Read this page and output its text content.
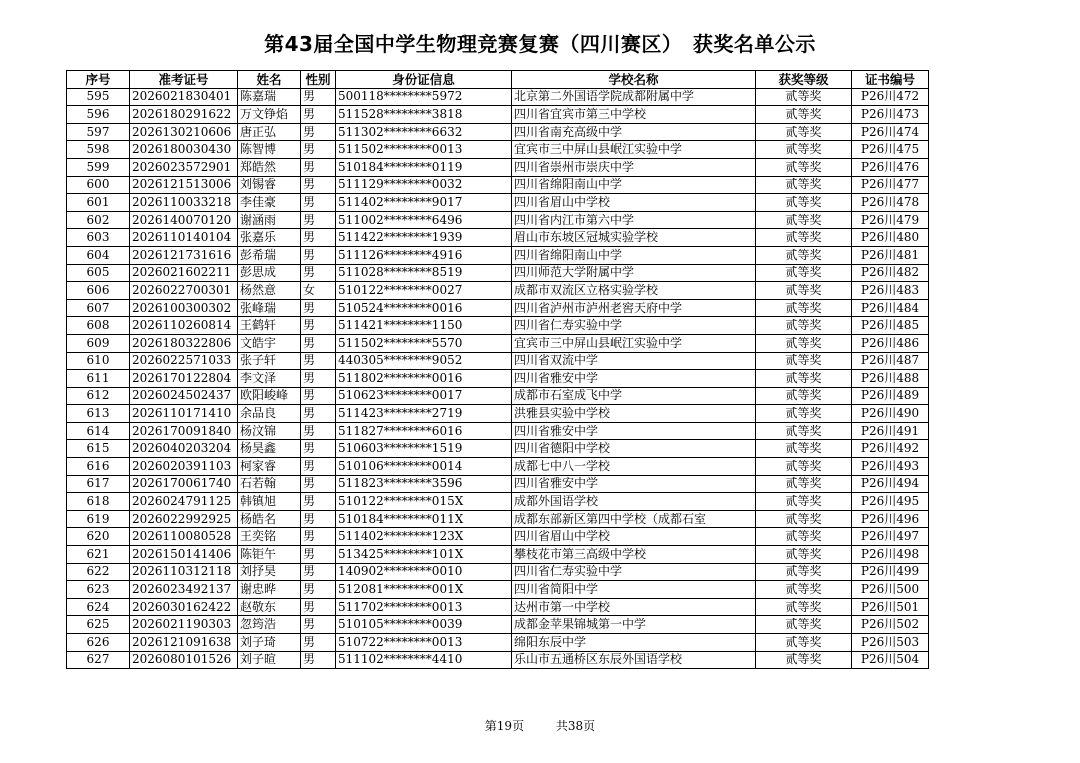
第43届全国中学生物理竞赛复赛（四川赛区）　获奖名单公示
序号	准考证号	姓名	性别	身份证信息	学校名称	获奖等级	证书编号
595	2026021830401	陈嘉瑞	男	500118********5972	北京第二外国语学院成都附属中学	贰等奖	P26川472
596	2026180291622	万文铮焰	男	511528********3818	四川省宜宾市第三中学校	贰等奖	P26川473
597	2026130210606	唐正弘	男	511302********6632	四川省南充高级中学	贰等奖	P26川474
598	2026180030430	陈智博	男	511502********0013	宜宾市三中屏山县岷江实验中学	贰等奖	P26川475
599	2026023572901	郑皓然	男	510184********0119	四川省崇州市崇庆中学	贰等奖	P26川476
600	2026121513006	刘锡睿	男	511129********0032	四川省绵阳南山中学	贰等奖	P26川477
601	2026110033218	李佳豪	男	511402********9017	四川省眉山中学校	贰等奖	P26川478
602	2026140070120	谢涵雨	男	511002********6496	四川省内江市第六中学	贰等奖	P26川479
603	2026110140104	张嘉乐	男	511422********1939	眉山市东坡区冠城实验学校	贰等奖	P26川480
604	2026121731616	彭希瑞	男	511126********4916	四川省绵阳南山中学	贰等奖	P26川481
605	2026021602211	彭思成	男	511028********8519	四川师范大学附属中学	贰等奖	P26川482
606	2026022700301	杨然意	女	510122********0027	成都市双流区立格实验学校	贰等奖	P26川483
607	2026100300302	张峰瑞	男	510524********0016	四川省泸州市泸州老窖天府中学	贰等奖	P26川484
608	2026110260814	王鹤轩	男	511421********1150	四川省仁寿实验中学	贰等奖	P26川485
609	2026180322806	文皓宇	男	511502********5570	宜宾市三中屏山县岷江实验中学	贰等奖	P26川486
610	2026022571033	张子轩	男	440305********9052	四川省双流中学	贰等奖	P26川487
611	2026170122804	李文泽	男	511802********0016	四川省雅安中学	贰等奖	P26川488
612	2026024502437	欧阳峻峰	男	510623********0017	成都市石室成飞中学	贰等奖	P26川489
613	2026110171410	余品良	男	511423********2719	洪雅县实验中学校	贰等奖	P26川490
614	2026170091840	杨汶锦	男	511827********6016	四川省雅安中学	贰等奖	P26川491
615	2026040203204	杨昊鑫	男	510603********1519	四川省德阳中学校	贰等奖	P26川492
616	2026020391103	柯家睿	男	510106********0014	成都七中八一学校	贰等奖	P26川493
617	2026170061740	石若翰	男	511823********3596	四川省雅安中学	贰等奖	P26川494
618	2026024791125	韩镇旭	男	510122********015X	成都外国语学校	贰等奖	P26川495
619	2026022992925	杨皓名	男	510184********011X	成都东部新区第四中学校（成都石室	贰等奖	P26川496
620	2026110080528	王奕铭	男	511402********123X	四川省眉山中学校	贰等奖	P26川497
621	2026150141406	陈钜午	男	513425********101X	攀枝花市第三高级中学校	贰等奖	P26川498
622	2026110312118	刘抒昊	男	140902********0010	四川省仁寿实验中学	贰等奖	P26川499
623	2026023492137	谢忠晔	男	512081********001X	四川省简阳中学	贰等奖	P26川500
624	2026030162422	赵敬东	男	511702********0013	达州市第一中学校	贰等奖	P26川501
625	2026021190303	忽筠浩	男	510105********0039	成都金苹果锦城第一中学	贰等奖	P26川502
626	2026121091638	刘子琦	男	510722********0013	绵阳东辰中学	贰等奖	P26川503
627	2026080101526	刘子暄	男	511102********4410	乐山市五通桥区东辰外国语学校	贰等奖	P26川504
第19页	共38页
